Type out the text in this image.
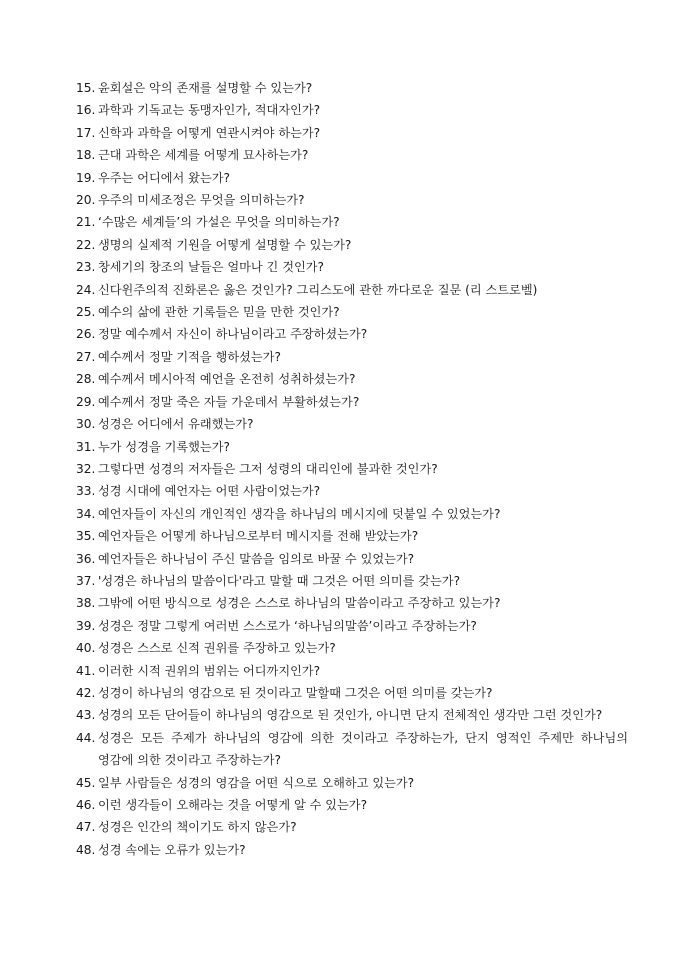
15. 윤회설은 악의 존재를 설명할 수 있는가?
16. 과학과 기독교는 동맹자인가, 적대자인가?
17. 신학과 과학을 어떻게 연관시켜야 하는가?
18. 근대 과학은 세계를 어떻게 묘사하는가?
19. 우주는 어디에서 왔는가?
20. 우주의 미세조정은 무엇을 의미하는가?
21. ‘수많은 세계들’의 가설은 무엇을 의미하는가?
22. 생명의 실제적 기원을 어떻게 설명할 수 있는가?
23. 창세기의 창조의 날들은 얼마나 긴 것인가?
24. 신다윈주의적 진화론은 옳은 것인가? 그리스도에 관한 까다로운 질문 (리 스트로벨)
25. 예수의 삶에 관한 기록들은 믿을 만한 것인가?
26. 정말 예수께서 자신이 하나님이라고 주장하셨는가?
27. 예수께서 정말 기적을 행하셨는가?
28. 예수께서 메시아적 예언을 온전히 성취하셨는가?
29. 예수께서 정말 죽은 자들 가운데서 부활하셨는가?
30. 성경은 어디에서 유래했는가?
31. 누가 성경을 기록했는가?
32. 그렇다면 성경의 저자들은 그저 성령의 대리인에 불과한 것인가?
33. 성경 시대에 예언자는 어떤 사람이었는가?
34. 예언자들이 자신의 개인적인 생각을 하나님의 메시지에 덧붙일 수 있었는가?
35. 예언자들은 어떻게 하나님으로부터 메시지를 전해 받았는가?
36. 예언자들은 하나님이 주신 말씀을 임의로 바꿀 수 있었는가?
37. '성경은 하나님의 말씀이다'라고 말할 때 그것은 어떤 의미를 갖는가?
38. 그밖에 어떤 방식으로 성경은 스스로 하나님의 말씀이라고 주장하고 있는가?
39. 성경은 정말 그렇게 여러번 스스로가 ‘하나님의말씀’이라고 주장하는가?
40. 성경은 스스로 신적 권위를 주장하고 있는가?
41. 이러한 시적 권위의 범위는 어디까지인가?
42. 성경이 하나님의 영감으로 된 것이라고 말할때 그것은 어떤 의미를 갖는가?
43. 성경의 모든 단어들이 하나님의 영감으로 된 것인가, 아니면 단지 전체적인 생각만 그런 것인가?
44. 성경은 모든 주제가 하나님의 영감에 의한 것이라고 주장하는가, 단지 영적인 주제만 하나님의 영감에 의한 것이라고 주장하는가?
45. 일부 사람들은 성경의 영감을 어떤 식으로 오해하고 있는가?
46. 이런 생각들이 오해라는 것을 어떻게 알 수 있는가?
47. 성경은 인간의 책이기도 하지 않은가?
48. 성경 속에는 오류가 있는가?
